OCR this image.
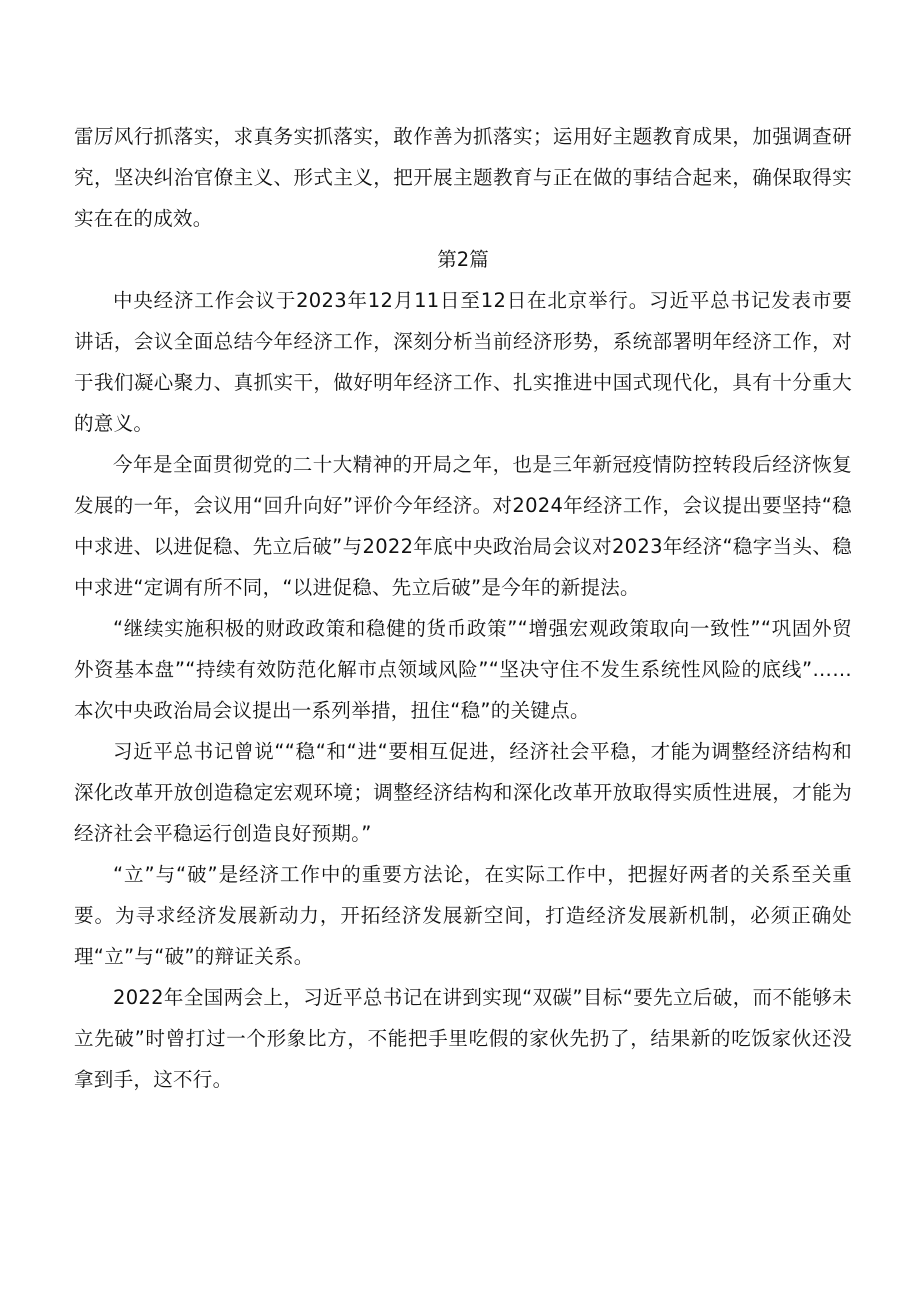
雷厉风行抓落实，求真务实抓落实，敢作善为抓落实；运用好主题教育成果，加强调查研究，坚决纠治官僚主义、形式主义，把开展主题教育与正在做的事结合起来，确保取得实实在在的成效。

第2篇

中央经济工作会议于2023年12月11日至12日在北京举行。习近平总书记发表市要讲话，会议全面总结今年经济工作，深刻分析当前经济形势，系统部署明年经济工作，对于我们凝心聚力、真抓实干，做好明年经济工作、扎实推进中国式现代化，具有十分重大的意义。

今年是全面贯彻党的二十大精神的开局之年，也是三年新冠疫情防控转段后经济恢复发展的一年，会议用“回升向好”评价今年经济。对2024年经济工作，会议提出要坚持“稳中求进、以进促稳、先立后破”与2022年底中央政治局会议对2023年经济“稳字当头、稳中求进“定调有所不同，“以进促稳、先立后破”是今年的新提法。

“继续实施积极的财政政策和稳健的货币政策”“增强宏观政策取向一致性”“巩固外贸外资基本盘”“持续有效防范化解市点领域风险”“坚决守住不发生系统性风险的底线”……本次中央政治局会议提出一系列举措，扭住“稳”的关键点。

习近平总书记曾说““稳“和“进“要相互促进，经济社会平稳，才能为调整经济结构和深化改革开放创造稳定宏观环境；调整经济结构和深化改革开放取得实质性进展，才能为经济社会平稳运行创造良好预期。”

“立”与“破”是经济工作中的重要方法论，在实际工作中，把握好两者的关系至关重要。为寻求经济发展新动力，开拓经济发展新空间，打造经济发展新机制，必须正确处理“立”与“破”的辩证关系。

2022年全国两会上，习近平总书记在讲到实现“双碳”目标“要先立后破，而不能够未立先破”时曾打过一个形象比方，不能把手里吃假的家伙先扔了，结果新的吃饭家伙还没拿到手，这不行。
